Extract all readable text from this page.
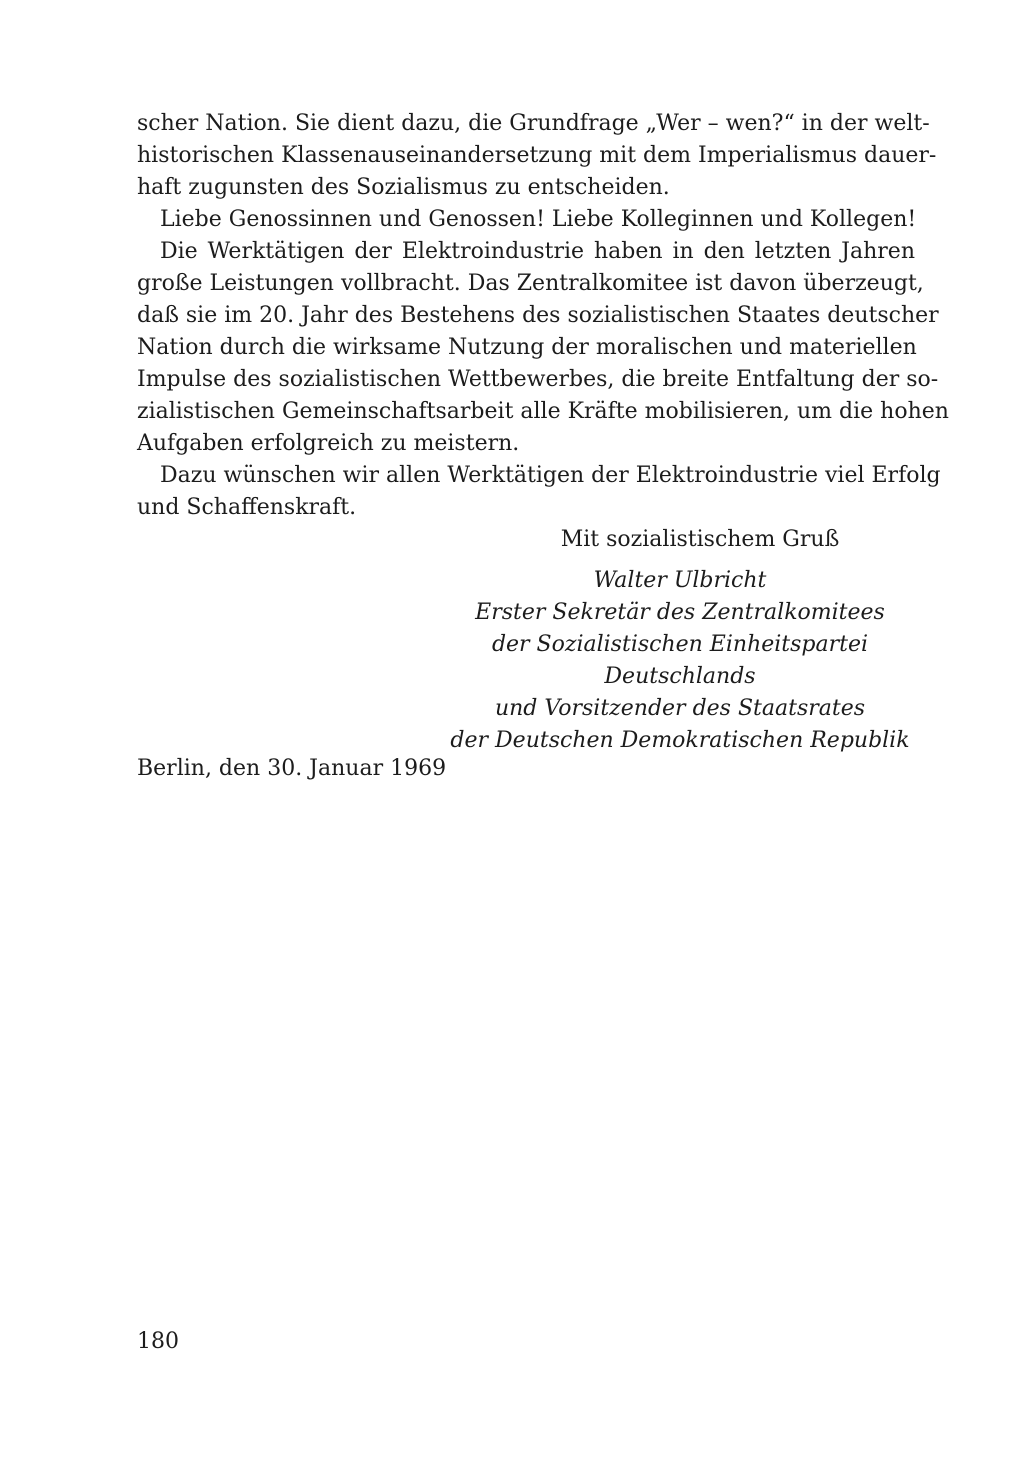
scher Nation. Sie dient dazu, die Grundfrage „Wer – wen?“ in der welt-
historischen Klassenauseinandersetzung mit dem Imperialismus dauer-
haft zugunsten des Sozialismus zu entscheiden.
Liebe Genossinnen und Genossen! Liebe Kolleginnen und Kollegen!
Die Werktätigen der Elektroindustrie haben in den letzten Jahren
große Leistungen vollbracht. Das Zentralkomitee ist davon überzeugt,
daß sie im 20. Jahr des Bestehens des sozialistischen Staates deutscher
Nation durch die wirksame Nutzung der moralischen und materiellen
Impulse des sozialistischen Wettbewerbes, die breite Entfaltung der so-
zialistischen Gemeinschaftsarbeit alle Kräfte mobilisieren, um die hohen
Aufgaben erfolgreich zu meistern.
Dazu wünschen wir allen Werktätigen der Elektroindustrie viel Erfolg
und Schaffenskraft.
Mit sozialistischem Gruß
Walter Ulbricht
Erster Sekretär des Zentralkomitees
der Sozialistischen Einheitspartei
Deutschlands
und Vorsitzender des Staatsrates
der Deutschen Demokratischen Republik
Berlin, den 30. Januar 1969
180
